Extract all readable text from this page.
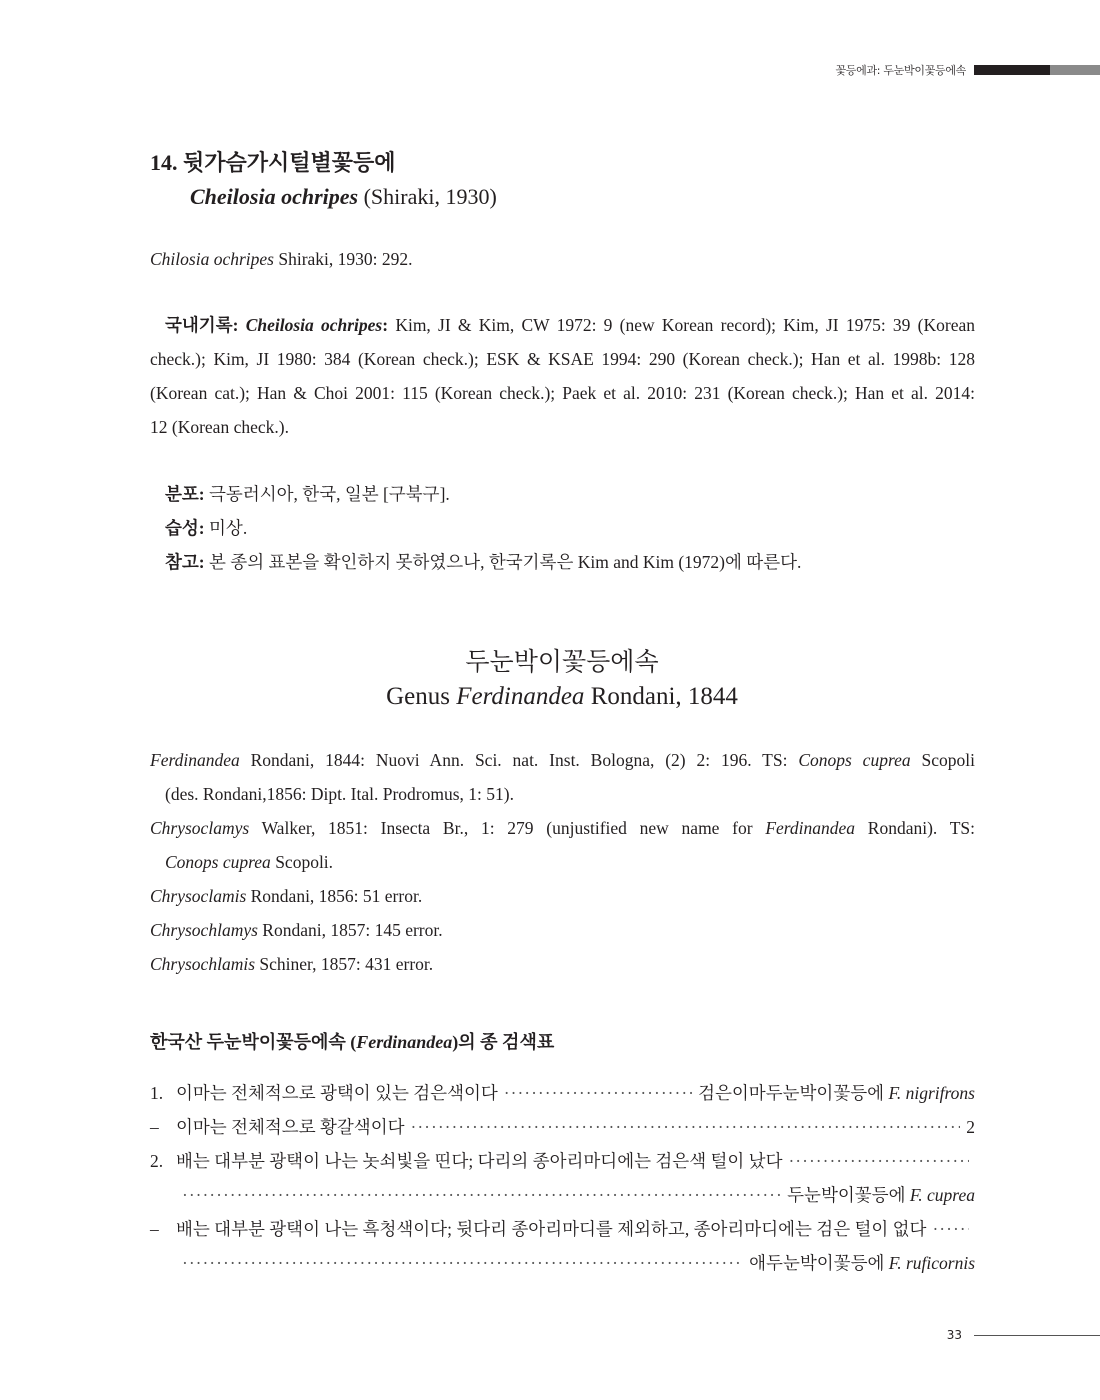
꽃등에과: 두눈박이꽃등에속
14. 뒷가슴가시털별꽃등에
Cheilosia ochripes (Shiraki, 1930)
Chilosia ochripes Shiraki, 1930: 292.
국내기록: Cheilosia ochripes: Kim, JI & Kim, CW 1972: 9 (new Korean record); Kim, JI 1975: 39 (Korean
check.); Kim, JI 1980: 384 (Korean check.); ESK & KSAE 1994: 290 (Korean check.); Han et al. 1998b: 128
(Korean cat.); Han & Choi 2001: 115 (Korean check.); Paek et al. 2010: 231 (Korean check.); Han et al. 2014:
12 (Korean check.).
분포: 극동러시아, 한국, 일본 [구북구].
습성: 미상.
참고: 본 종의 표본을 확인하지 못하였으나, 한국기록은 Kim and Kim (1972)에 따른다.
두눈박이꽃등에속
Genus Ferdinandea Rondani, 1844
Ferdinandea Rondani, 1844: Nuovi Ann. Sci. nat. Inst. Bologna, (2) 2: 196. TS: Conops cuprea Scopoli
(des. Rondani,1856: Dipt. Ital. Prodromus, 1: 51).
Chrysoclamys Walker, 1851: Insecta Br., 1: 279 (unjustified new name for Ferdinandea Rondani). TS:
Conops cuprea Scopoli.
Chrysoclamis Rondani, 1856: 51 error.
Chrysochlamys Rondani, 1857: 145 error.
Chrysochlamis Schiner, 1857: 431 error.
한국산 두눈박이꽃등에속 (Ferdinandea)의 종 검색표
1. 이마는 전체적으로 광택이 있는 검은색이다 ·····	검은이마두눈박이꽃등에 F. nigrifrons
– 이마는 전체적으로 황갈색이다 ·····	2
2. 배는 대부분 광택이 나는 놋쇠빛을 띤다; 다리의 종아리마디에는 검은색 털이 났다
·····
·····
두눈박이꽃등에 F. cuprea
– 배는 대부분 광택이 나는 흑청색이다; 뒷다리 종아리마디를 제외하고, 종아리마디에는 검은 털이 없다
·····
·····
애두눈박이꽃등에 F. ruficornis
33
